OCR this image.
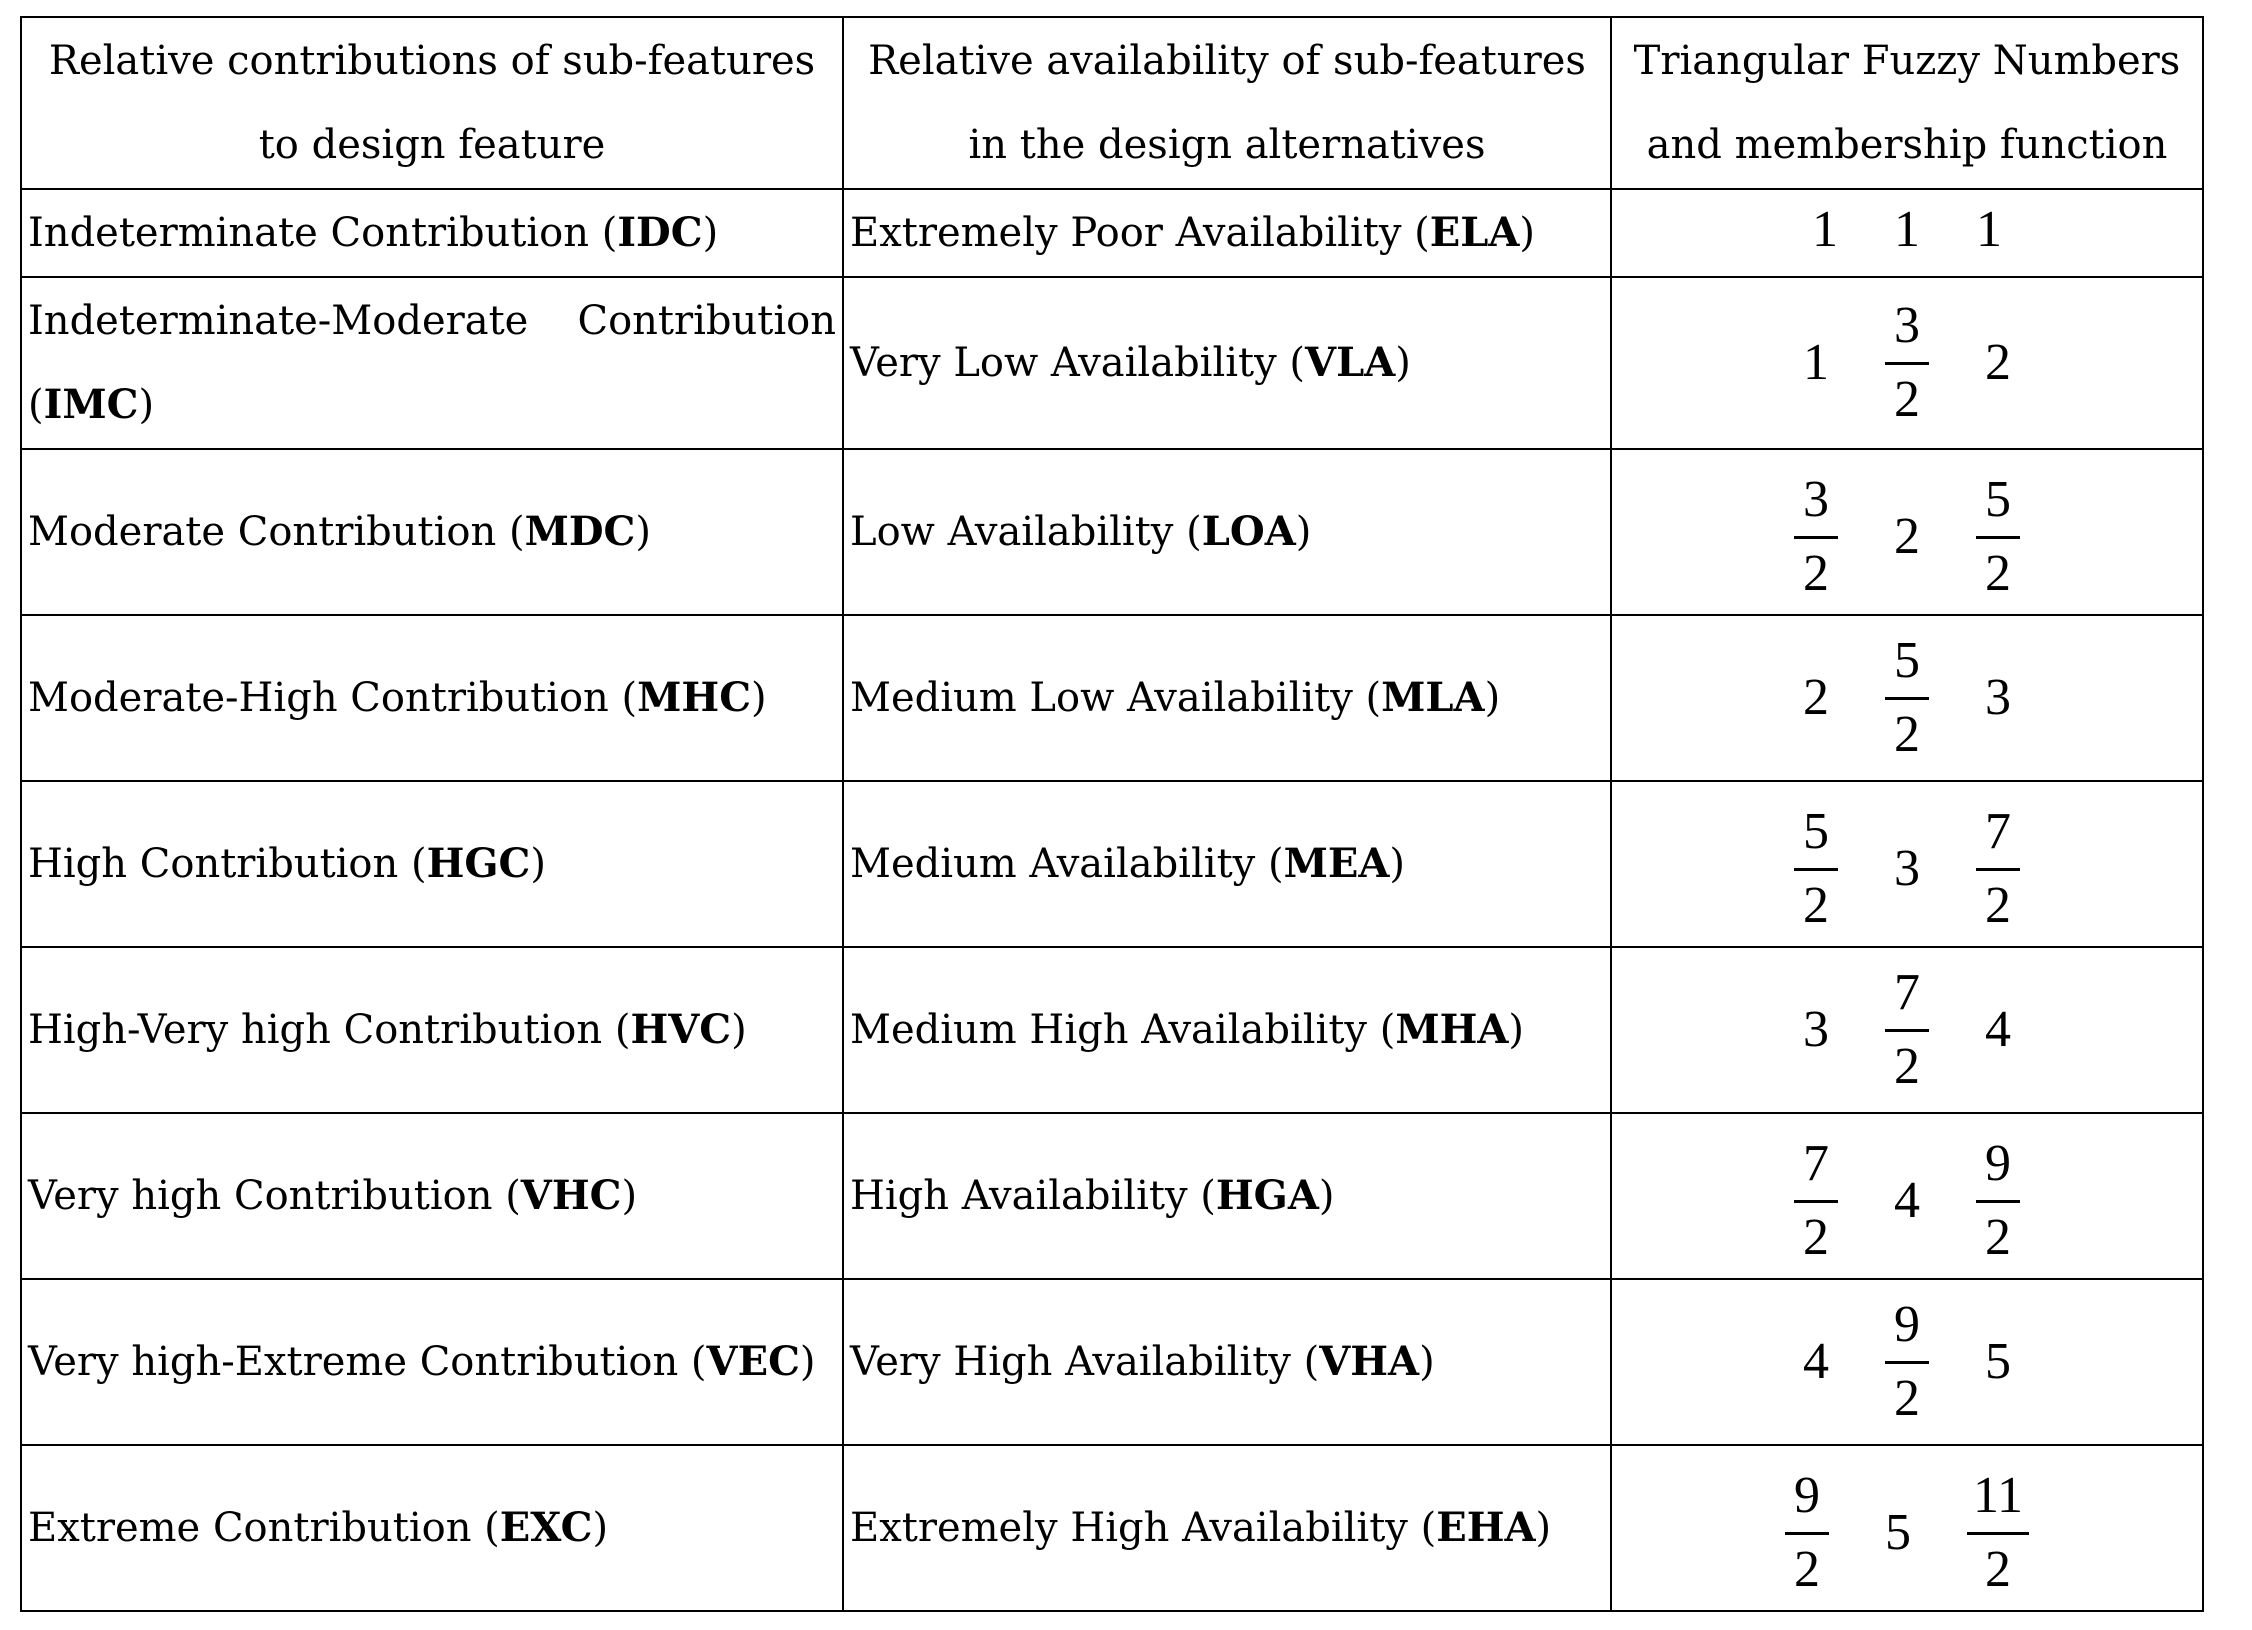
Relative contributions of sub-features to design feature	Relative availability of sub-features in the design alternatives	Triangular Fuzzy Numbers and membership function
Indeterminate Contribution (IDC)	Extremely Poor Availability (ELA)	1 1 1

Indeterminate-Moderate Contribution (IMC)	Very Low Availability (VLA)	$1 \frac{3}{2} 2$

Moderate Contribution (MDC)	Low Availability (LOA)	$\frac{3}{2} 2 \frac{5}{2}$

Moderate-High Contribution (MHC)	Medium Low Availability (MLA)	$2 \frac{5}{2} 3$

High Contribution (HGC)	Medium Availability (MEA)	$\frac{5}{2} 3 \frac{7}{2}$

High-Very high Contribution (HVC)	Medium High Availability (MHA)	$3 \frac{7}{2} 4$

Very high Contribution (VHC)	High Availability (HGA)	$\frac{7}{2} 4 \frac{9}{2}$

Very high-Extreme Contribution (VEC)	Very High Availability (VHA)	$4 \frac{9}{2} 5$

Extreme Contribution (EXC)	Extremely High Availability (EHA)	$\frac{9}{2} 5 \frac{11}{2}$
